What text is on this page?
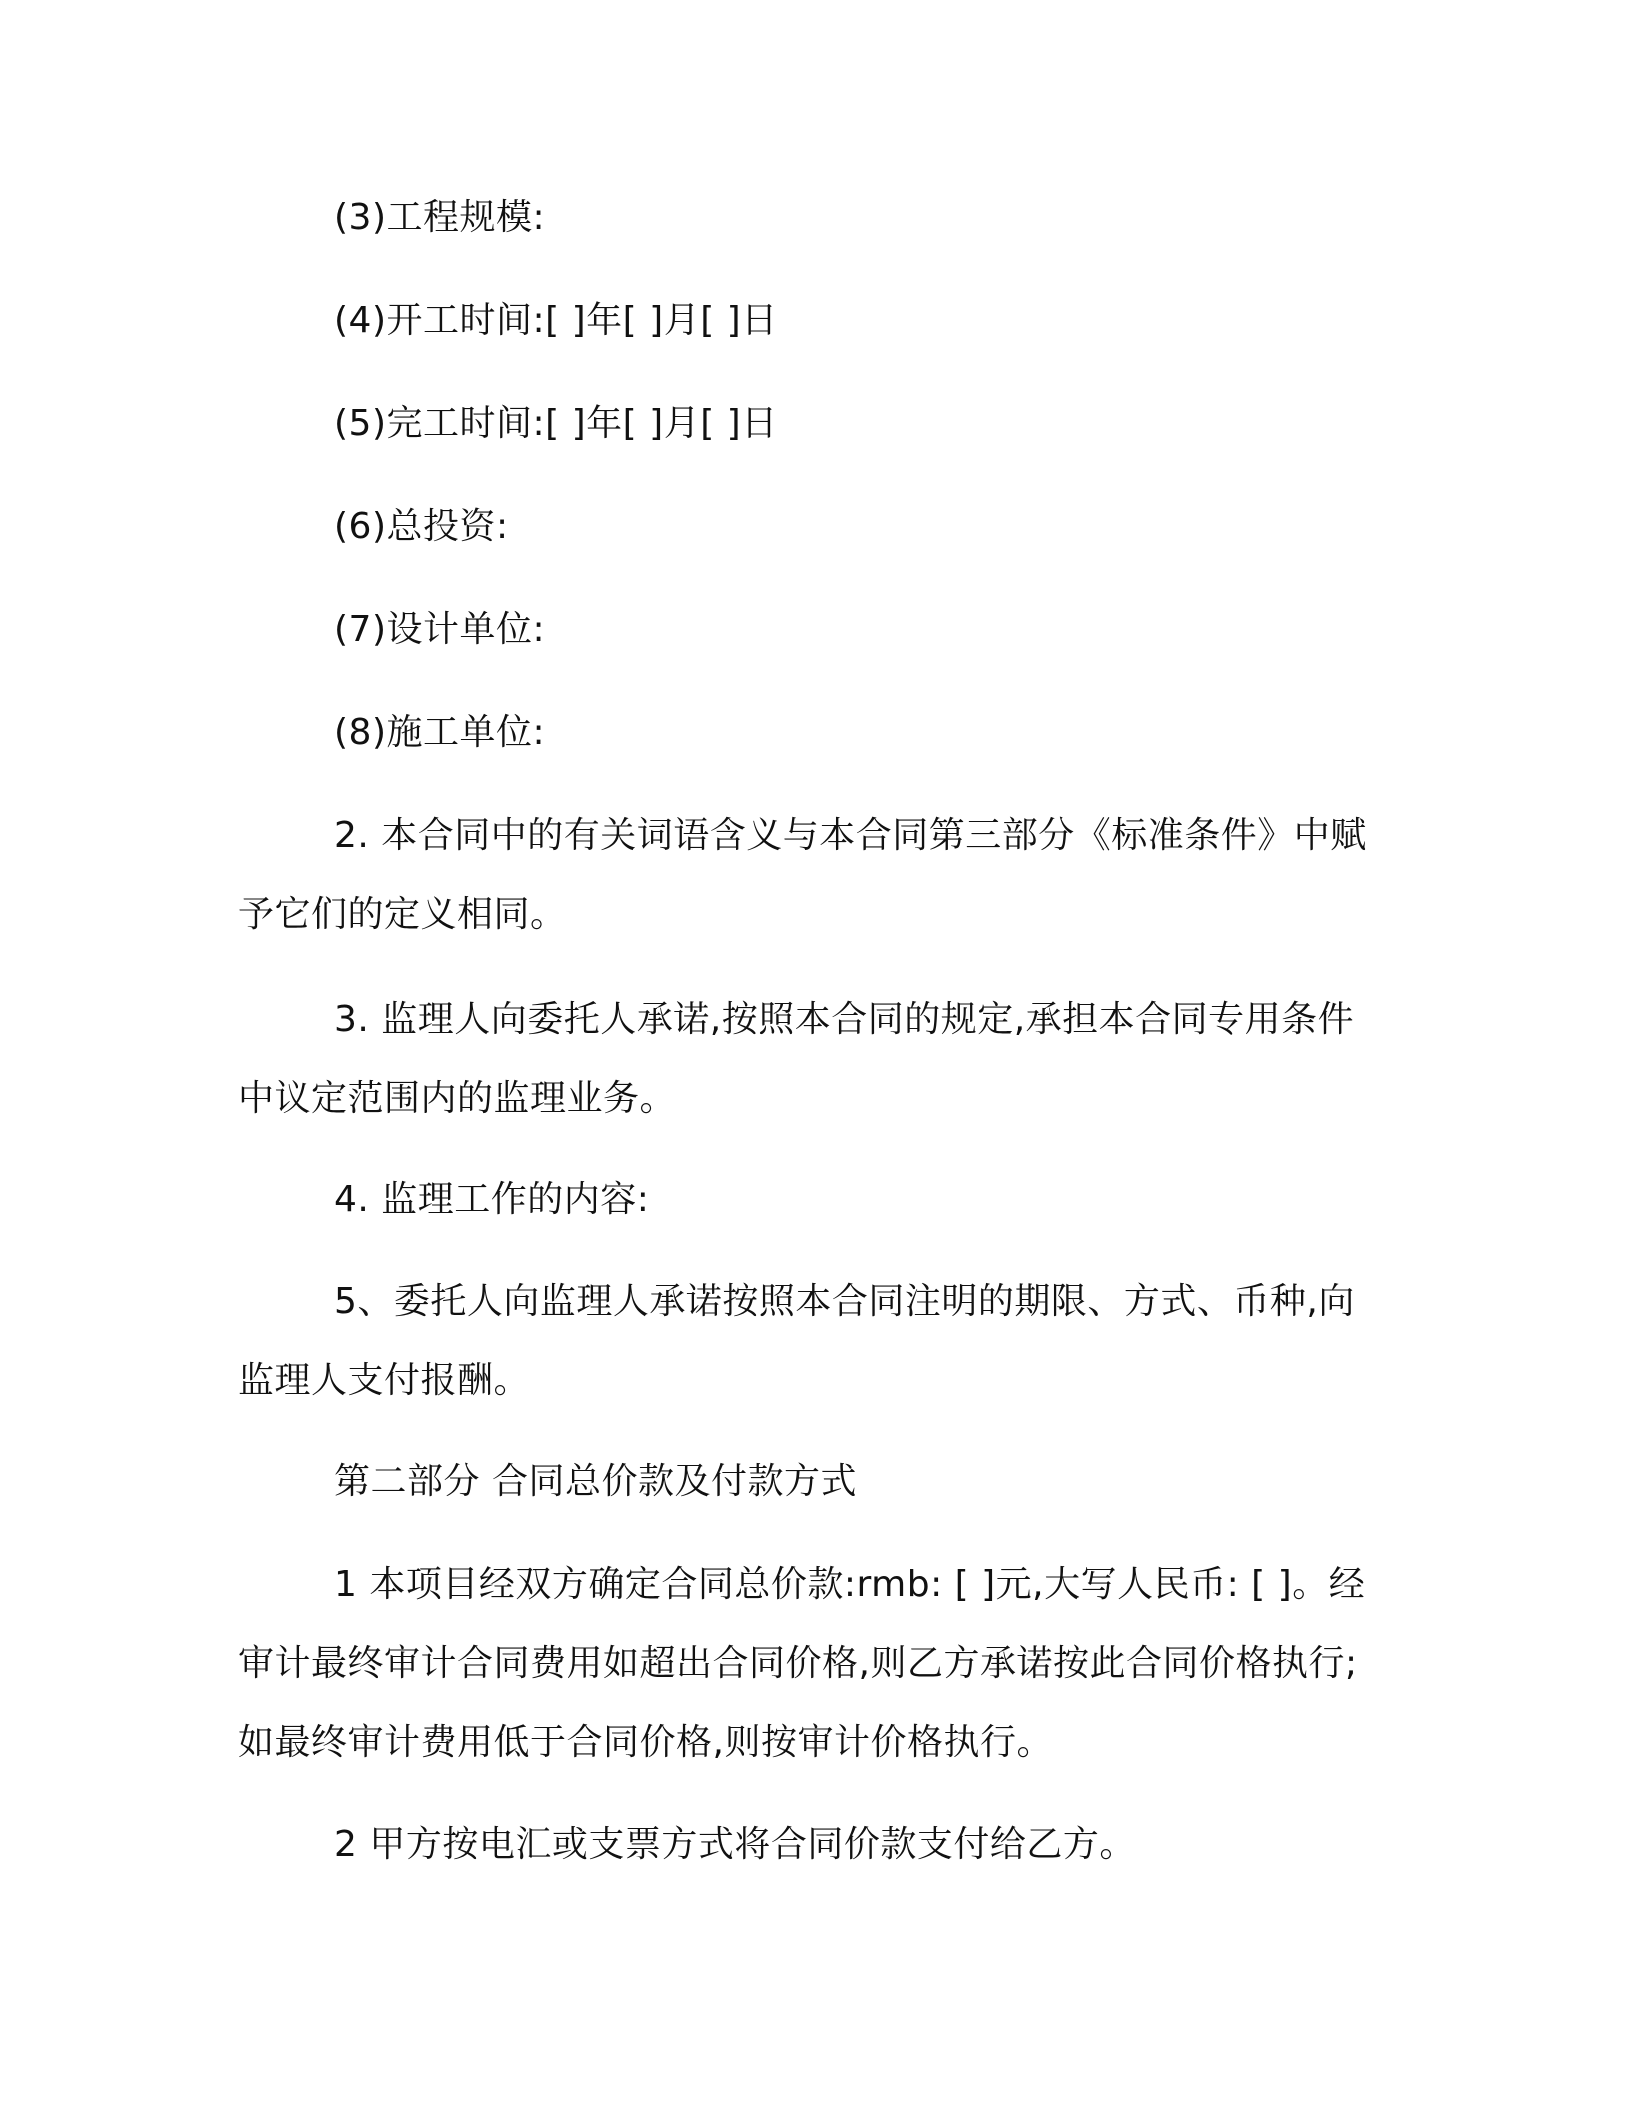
(3)工程规模:

(4)开工时间:[ ]年[ ]月[ ]日

(5)完工时间:[ ]年[ ]月[ ]日

(6)总投资:

(7)设计单位:

(8)施工单位:

2. 本合同中的有关词语含义与本合同第三部分《标准条件》中赋予它们的定义相同。

3. 监理人向委托人承诺,按照本合同的规定,承担本合同专用条件中议定范围内的监理业务。

4. 监理工作的内容:

5、委托人向监理人承诺按照本合同注明的期限、方式、币种,向监理人支付报酬。

第二部分 合同总价款及付款方式

1 本项目经双方确定合同总价款:rmb: [ ]元,大写人民币: [ ]。经审计最终审计合同费用如超出合同价格,则乙方承诺按此合同价格执行;如最终审计费用低于合同价格,则按审计价格执行。

2 甲方按电汇或支票方式将合同价款支付给乙方。
